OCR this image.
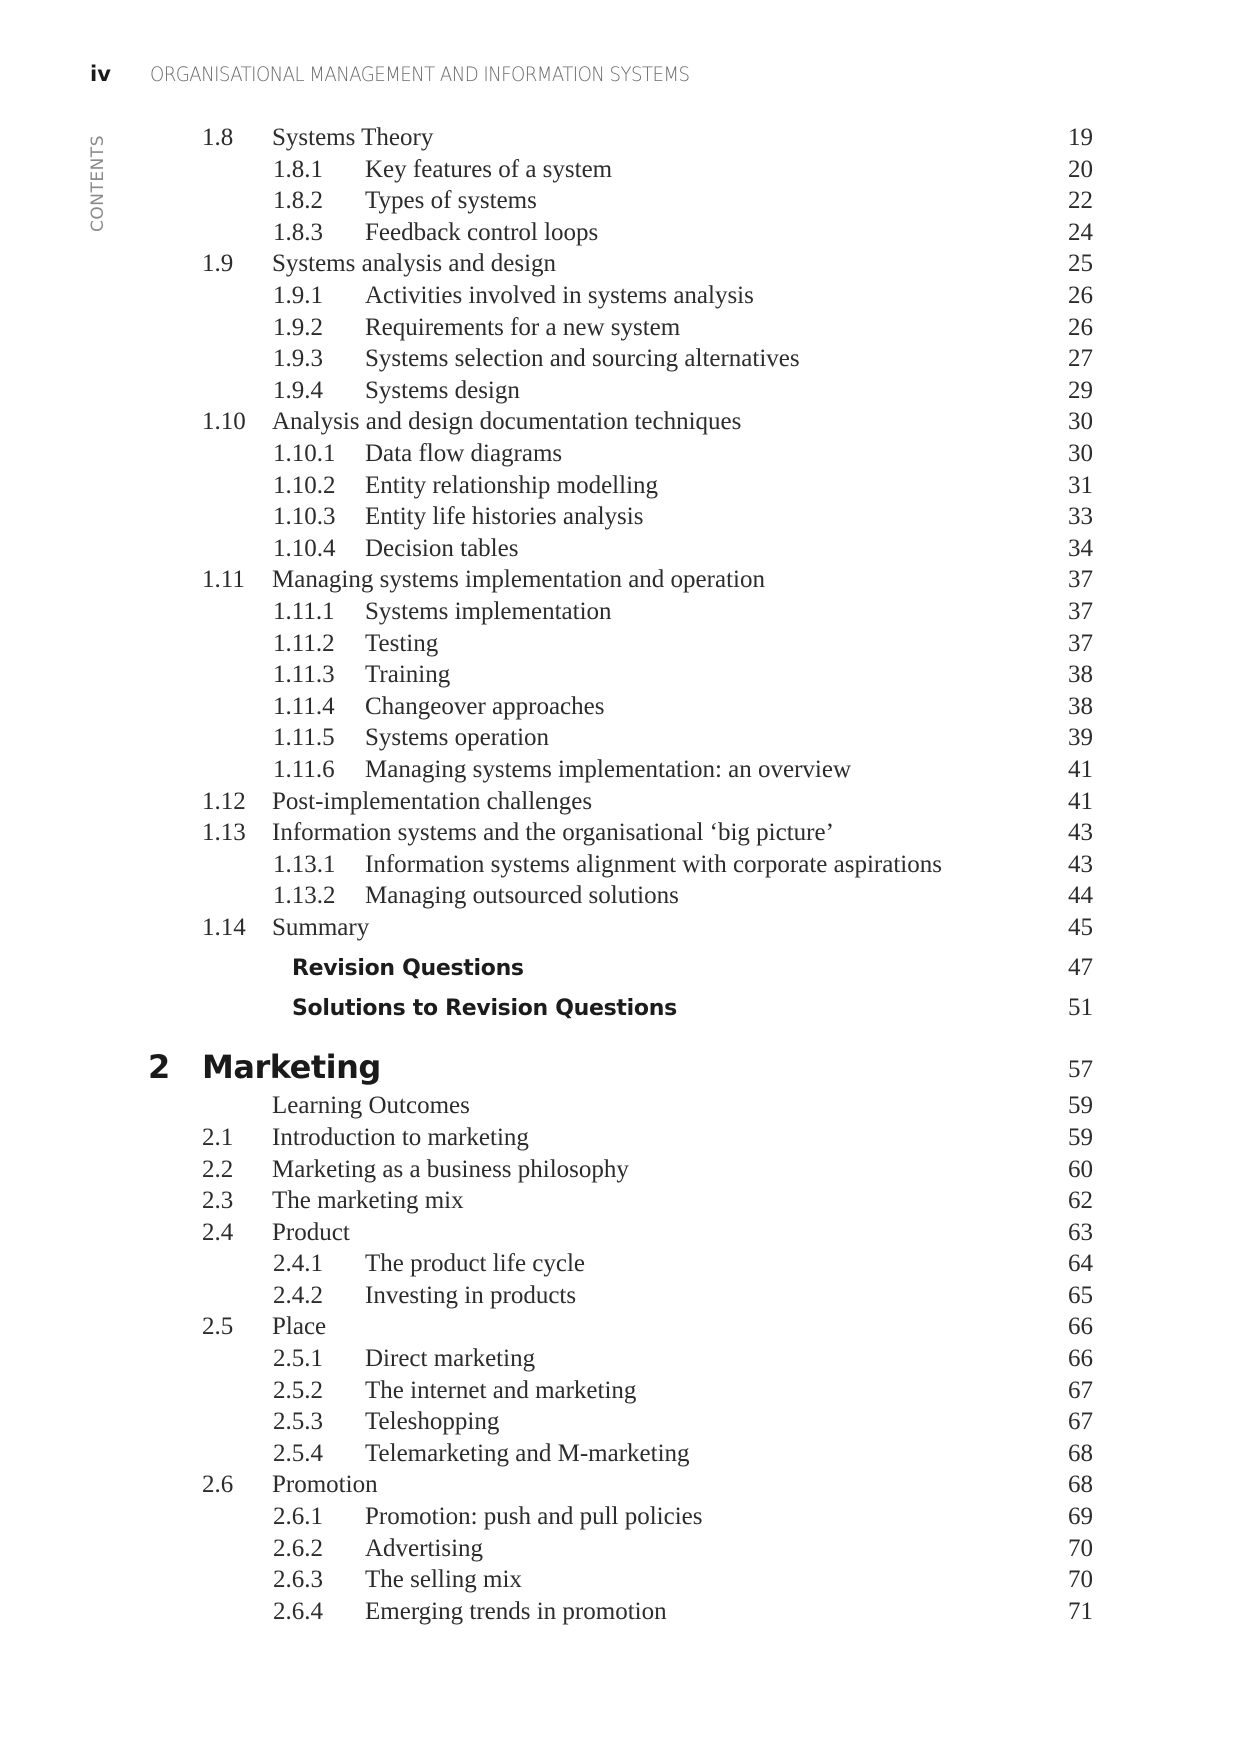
iv ORGANISATIONAL MANAGEMENT AND INFORMATION SYSTEMS
CONTENTS	1.8 Systems Theory	19
1.8.1 Key features of a system	20
1.8.2 Types of systems	22
1.8.3 Feedback control loops	24
1.9 Systems analysis and design	25
1.9.1 Activities involved in systems analysis	26
1.9.2 Requirements for a new system	26
1.9.3 Systems selection and sourcing alternatives	27
1.9.4 Systems design	29
1.10 Analysis and design documentation techniques	30
1.10.1 Data flow diagrams	30
1.10.2 Entity relationship modelling	31
1.10.3 Entity life histories analysis	33
1.10.4 Decision tables	34
1.11 Managing systems implementation and operation	37
1.11.1 Systems implementation	37
1.11.2 Testing	37
1.11.3 Training	38
1.11.4 Changeover approaches	38
1.11.5 Systems operation	39
1.11.6 Managing systems implementation: an overview	41
1.12 Post-implementation challenges	41
1.13 Information systems and the organisational ‘big picture’	43
1.13.1 Information systems alignment with corporate aspirations	43
1.13.2 Managing outsourced solutions	44
1.14 Summary	45
Revision Questions	47
Solutions to Revision Questions	51
2 Marketing	57
Learning Outcomes	59
2.1 Introduction to marketing	59
2.2 Marketing as a business philosophy	60
2.3 The marketing mix	62
2.4 Product	63
2.4.1 The product life cycle	64
2.4.2 Investing in products	65
2.5 Place	66
2.5.1 Direct marketing	66
2.5.2 The internet and marketing	67
2.5.3 Teleshopping	67
2.5.4 Telemarketing and M-marketing	68
2.6 Promotion	68
2.6.1 Promotion: push and pull policies	69
2.6.2 Advertising	70
2.6.3 The selling mix	70
2.6.4 Emerging trends in promotion	71
